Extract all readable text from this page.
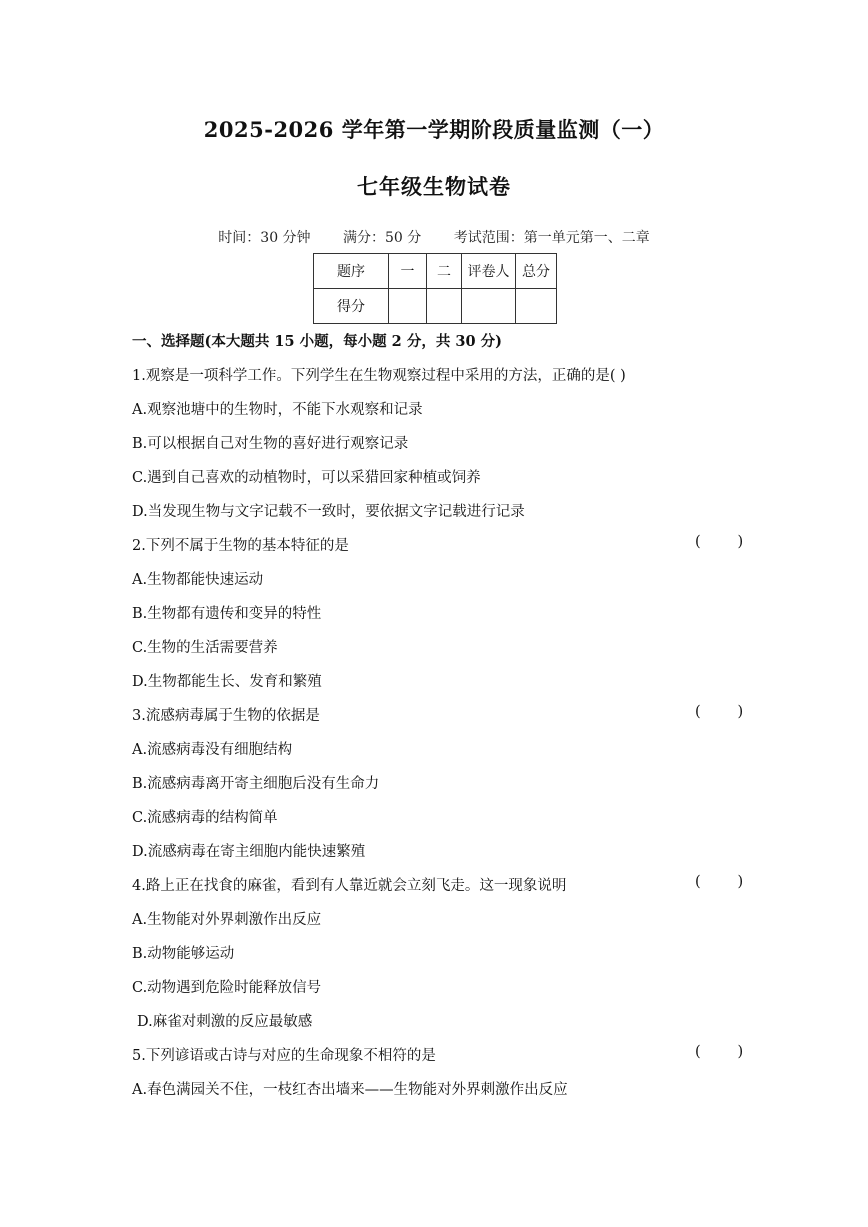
2025-2026 学年第一学期阶段质量监测（一）
七年级生物试卷
时间：30 分钟 满分：50 分 考试范围：第一单元第一、二章
题序	一	二	评卷人	总分
得分				
一、选择题(本大题共 15 小题，每小题 2 分，共 30 分)
1.观察是一项科学工作。下列学生在生物观察过程中采用的方法，正确的是( )
A.观察池塘中的生物时，不能下水观察和记录
B.可以根据自己对生物的喜好进行观察记录
C.遇到自己喜欢的动植物时，可以采猎回家种植或饲养
D.当发现生物与文字记载不一致时，要依据文字记载进行记录
2.下列不属于生物的基本特征的是	(        )
A.生物都能快速运动
B.生物都有遗传和变异的特性
C.生物的生活需要营养
D.生物都能生长、发育和繁殖
3.流感病毒属于生物的依据是	(        )
A.流感病毒没有细胞结构
B.流感病毒离开寄主细胞后没有生命力
C.流感病毒的结构简单
D.流感病毒在寄主细胞内能快速繁殖
4.路上正在找食的麻雀，看到有人靠近就会立刻飞走。这一现象说明	(        )
A.生物能对外界刺激作出反应
B.动物能够运动
C.动物遇到危险时能释放信号
D.麻雀对刺激的反应最敏感
5.下列谚语或古诗与对应的生命现象不相符的是	(        )
A.春色满园关不住，一枝红杏出墙来——生物能对外界刺激作出反应
